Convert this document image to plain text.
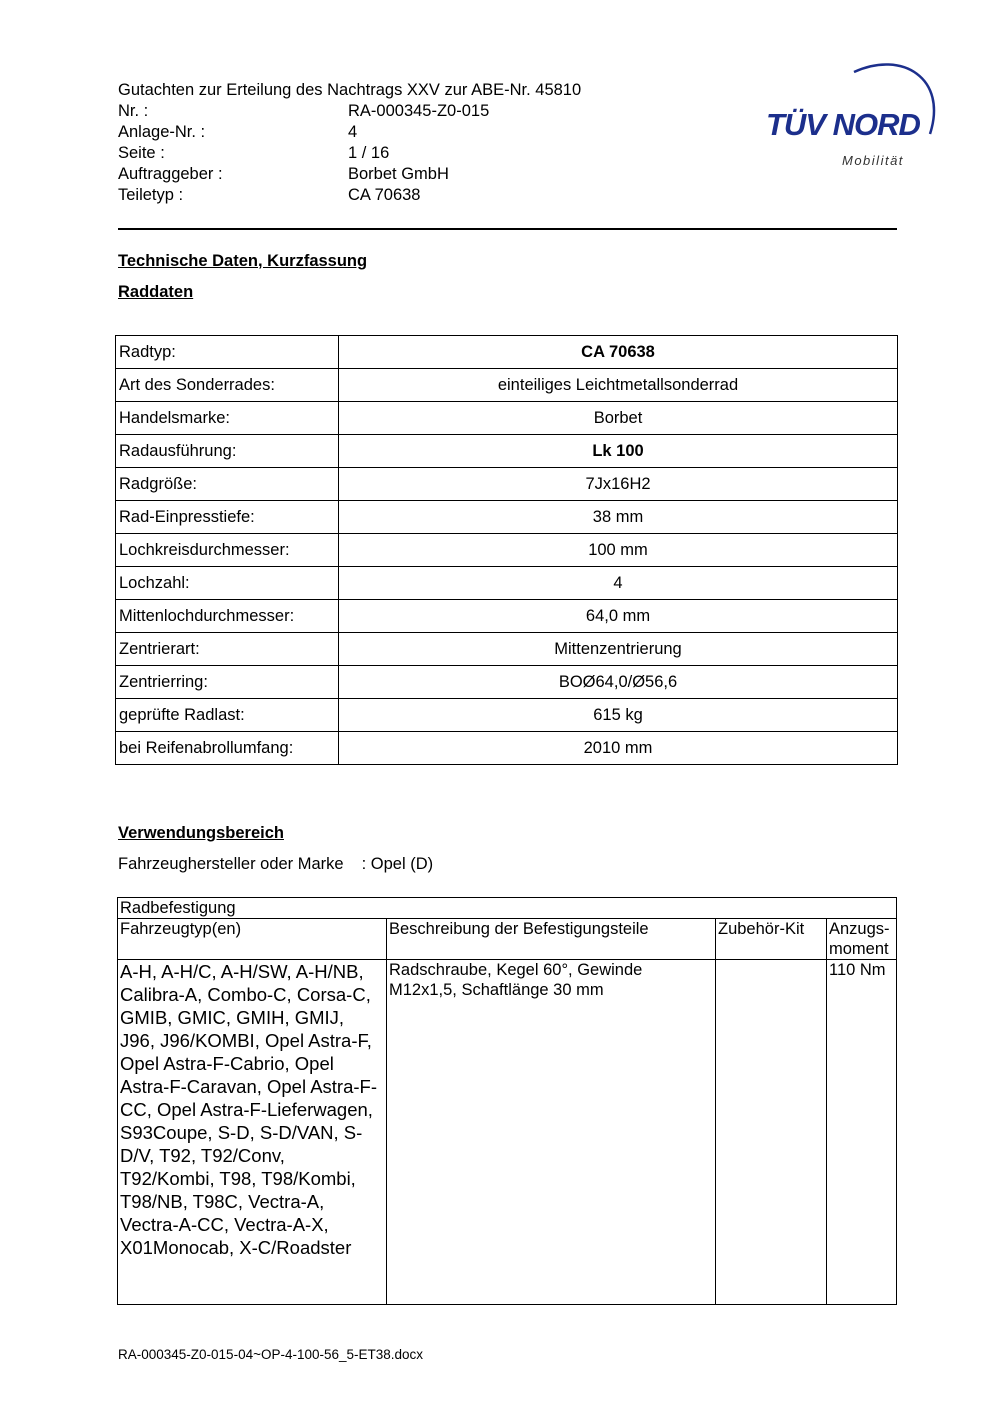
Gutachten zur Erteilung des Nachtrags XXV zur ABE-Nr. 45810
Nr. :	RA-000345-Z0-015
Anlage-Nr. :	4
Seite :	1 / 16
Auftraggeber :	Borbet GmbH
Teiletyp :	CA 70638
TÜV NORD
Mobilität
Technische Daten, Kurzfassung
Raddaten
Radtyp:	CA 70638
Art des Sonderrades:	einteiliges Leichtmetallsonderrad
Handelsmarke:	Borbet
Radausführung:	Lk 100
Radgröße:	7Jx16H2
Rad-Einpresstiefe:	38 mm
Lochkreisdurchmesser:	100 mm
Lochzahl:	4
Mittenlochdurchmesser:	64,0 mm
Zentrierart:	Mittenzentrierung
Zentrierring:	BOØ64,0/Ø56,6
geprüfte Radlast:	615 kg
bei Reifenabrollumfang:	2010 mm
Verwendungsbereich
Fahrzeughersteller oder Marke : Opel (D)
Radbefestigung			
Fahrzeugtyp(en)	Beschreibung der Befestigungsteile	Zubehör-Kit	Anzugs-
moment

A-H, A-H/C, A-H/SW, A-H/NB, Calibra-A, Combo-C, Corsa-C, GMIB, GMIC, GMIH, GMIJ, J96, J96/KOMBI, Opel Astra-F, Opel Astra-F-Cabrio, Opel Astra-F-Caravan, Opel Astra-F-CC, Opel Astra-F-Lieferwagen, S93Coupe, S-D, S-D/VAN, S-D/V, T92, T92/Conv, T92/Kombi, T98, T98/Kombi, T98/NB, T98C, Vectra-A, Vectra-A-CC, Vectra-A-X, X01Monocab, X-C/Roadster	Radschraube, Kegel 60°, Gewinde M12x1,5, Schaftlänge 30 mm		110 Nm
RA-000345-Z0-015-04~OP-4-100-56_5-ET38.docx
